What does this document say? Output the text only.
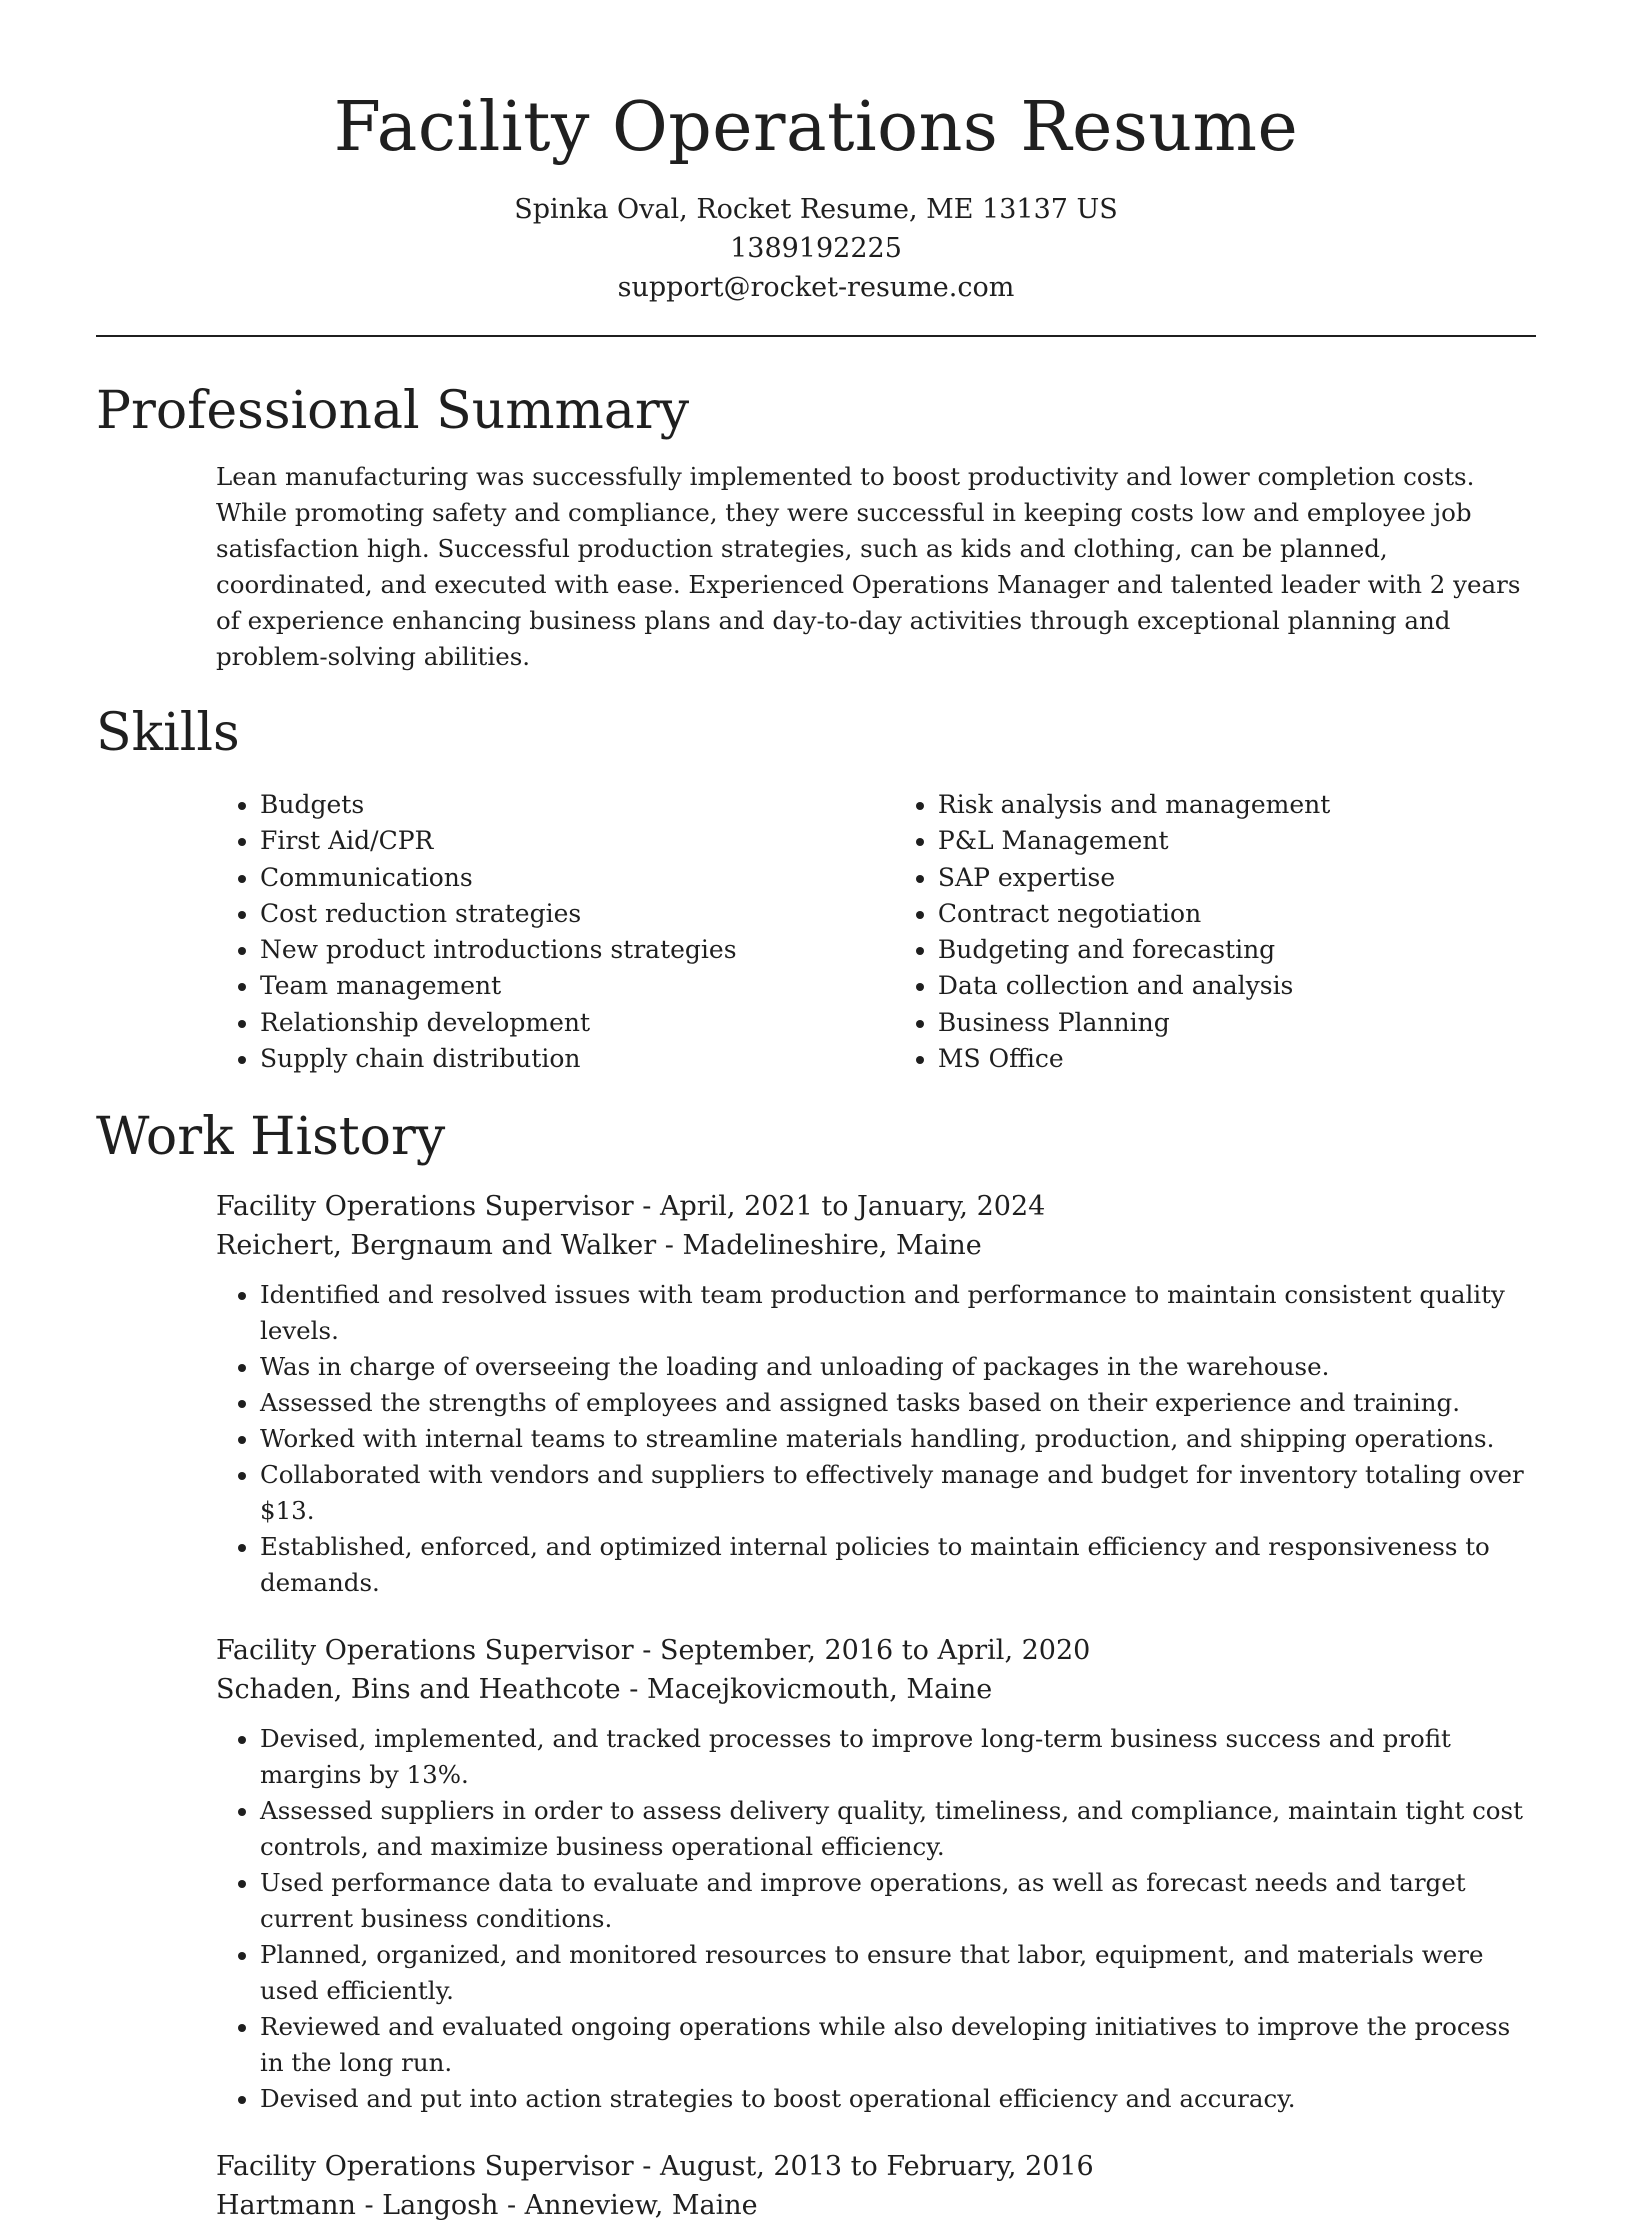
Facility Operations Resume
Spinka Oval, Rocket Resume, ME 13137 US
1389192225
support@rocket-resume.com
Professional Summary

Lean manufacturing was successfully implemented to boost productivity and lower completion costs. While promoting safety and compliance, they were successful in keeping costs low and employee job satisfaction high. Successful production strategies, such as kids and clothing, can be planned, coordinated, and executed with ease. Experienced Operations Manager and talented leader with 2 years of experience enhancing business plans and day-to-day activities through exceptional planning and problem-solving abilities.

Skills
• Budgets
• First Aid/CPR
• Communications
• Cost reduction strategies
• New product introductions strategies
• Team management
• Relationship development
• Supply chain distribution
• Risk analysis and management
• P&L Management
• SAP expertise
• Contract negotiation
• Budgeting and forecasting
• Data collection and analysis
• Business Planning
• MS Office
Work History
Facility Operations Supervisor - April, 2021 to January, 2024
Reichert, Bergnaum and Walker - Madelineshire, Maine
• Identified and resolved issues with team production and performance to maintain consistent quality levels.
• Was in charge of overseeing the loading and unloading of packages in the warehouse.
• Assessed the strengths of employees and assigned tasks based on their experience and training.
• Worked with internal teams to streamline materials handling, production, and shipping operations.
• Collaborated with vendors and suppliers to effectively manage and budget for inventory totaling over $13.
• Established, enforced, and optimized internal policies to maintain efficiency and responsiveness to demands.
Facility Operations Supervisor - September, 2016 to April, 2020
Schaden, Bins and Heathcote - Macejkovicmouth, Maine
• Devised, implemented, and tracked processes to improve long-term business success and profit margins by 13%.
• Assessed suppliers in order to assess delivery quality, timeliness, and compliance, maintain tight cost controls, and maximize business operational efficiency.
• Used performance data to evaluate and improve operations, as well as forecast needs and target current business conditions.
• Planned, organized, and monitored resources to ensure that labor, equipment, and materials were used efficiently.
• Reviewed and evaluated ongoing operations while also developing initiatives to improve the process in the long run.
• Devised and put into action strategies to boost operational efficiency and accuracy.
Facility Operations Supervisor - August, 2013 to February, 2016
Hartmann - Langosh - Anneview, Maine
